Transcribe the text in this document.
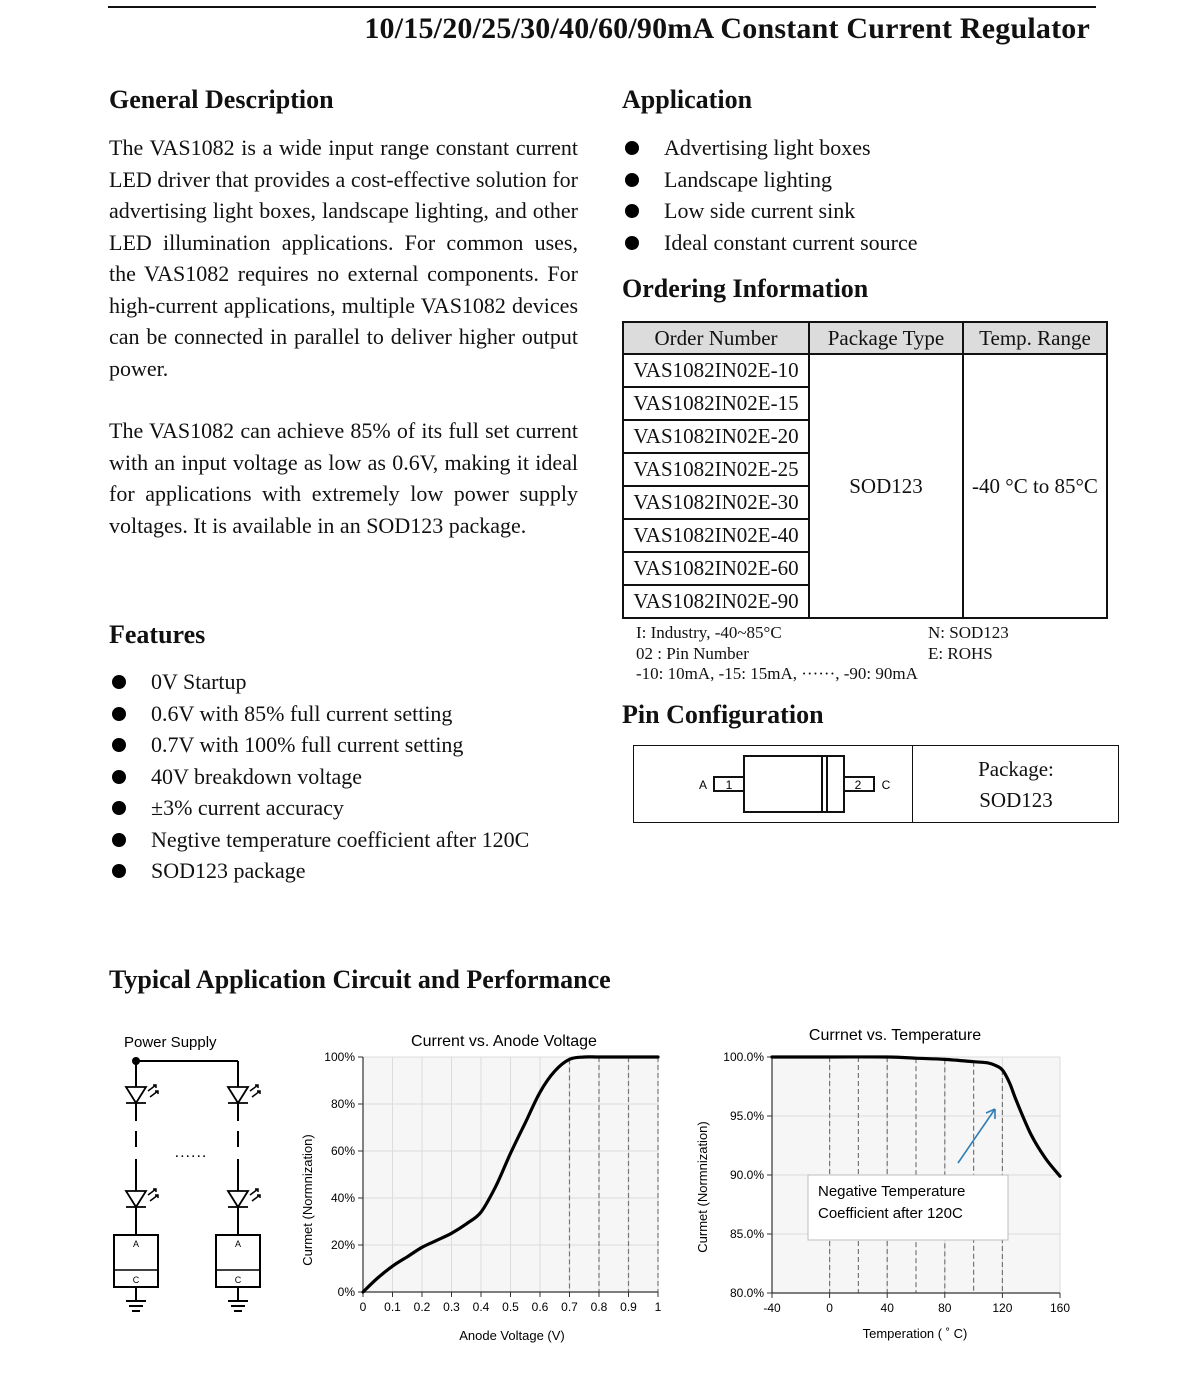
10/15/20/25/30/40/60/90mA Constant Current Regulator
General Description
The VAS1082 is a wide input range constant current LED driver that provides a cost-effective solution for advertising light boxes, landscape lighting, and other LED illumination applications. For common uses, the VAS1082 requires no external components. For high-current applications, multiple VAS1082 devices can be connected in parallel to deliver higher output power.
The VAS1082 can achieve 85% of its full set current with an input voltage as low as 0.6V, making it ideal for applications with extremely low power supply voltages. It is available in an SOD123 package.
Features
0V Startup
0.6V with 85% full current setting
0.7V with 100% full current setting
40V breakdown voltage
±3% current accuracy
Negtive temperature coefficient after 120C
SOD123 package
Application
Advertising light boxes
Landscape lighting
Low side current sink
Ideal constant current source
Ordering Information
Order Number	Package Type	Temp. Range
VAS1082IN02E-10	SOD123	-40 °C to 85°C
VAS1082IN02E-15		
VAS1082IN02E-20		
VAS1082IN02E-25		
VAS1082IN02E-30		
VAS1082IN02E-40		
VAS1082IN02E-60		
VAS1082IN02E-90		
I: Industry, -40~85°C
02 : Pin Number
-10: 10mA, -15: 15mA, ······, -90: 90mA
N: SOD123
E: ROHS
Pin Configuration
1	2
A	C
Package:
SOD123
Typical Application Circuit and Performance
Power Supply
A
C
A
C
......
Current vs. Anode Voltage
Anode Voltage (V)
Curmet (Normnization)
0%
20%
40%
60%
80%
100%
0 0.1 0.2 0.3 0.4 0.5 0.6 0.7 0.8 0.9 1
Currnet vs. Temperature
Temperation ( ˚ C)
Curmet (Normnization)
80.0%
85.0%
90.0%
95.0%
100.0%
-40	0	40	80	120	160
Negative Temperature
Coefficient after 120C
